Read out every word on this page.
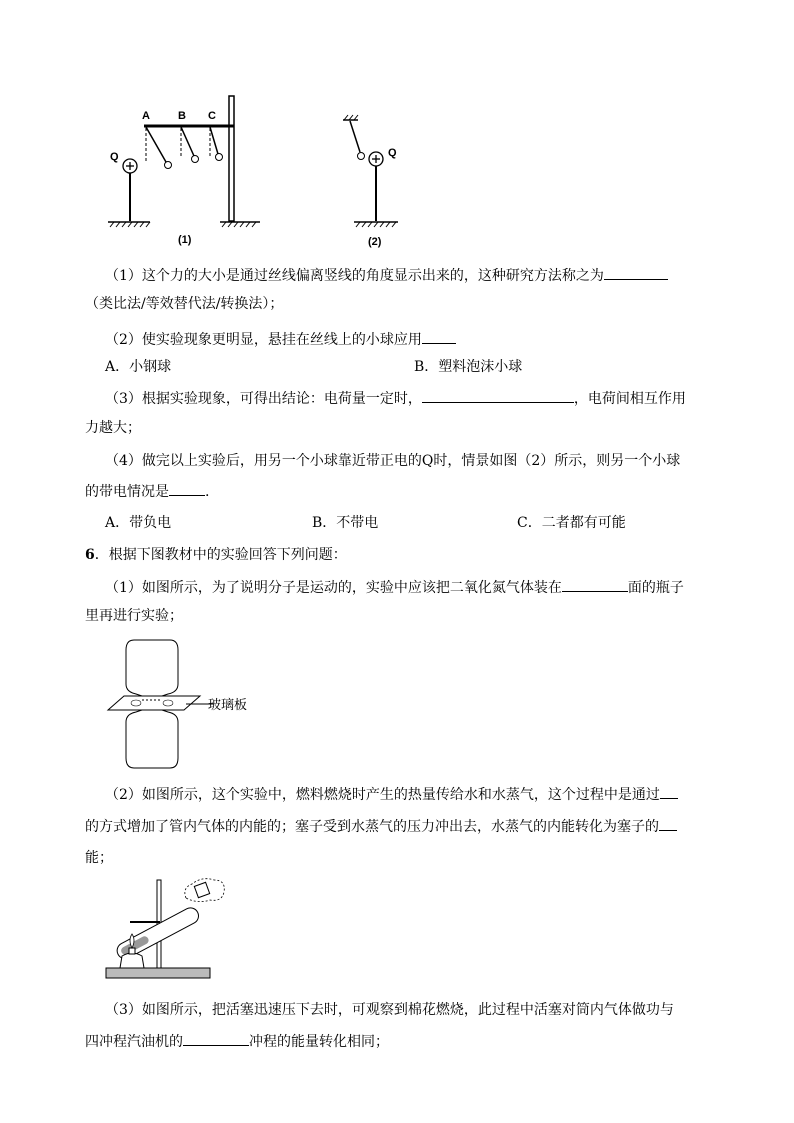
A	B C
Q
(1)
Q
(2)
（1）这个力的大小是通过丝线偏离竖线的角度显示出来的，这种研究方法称之为
（类比法/等效替代法/转换法）；
（2）使实验现象更明显，悬挂在丝线上的小球应用
A．小钢球	B．塑料泡沫小球
（3）根据实验现象，可得出结论：电荷量一定时，	，电荷间相互作用
力越大；
（4）做完以上实验后，用另一个小球靠近带正电的Q时，情景如图（2）所示，则另一个小球
的带电情况是	.
A．带负电	B．不带电	C．二者都有可能
6．根据下图教材中的实验回答下列问题：
（1）如图所示，为了说明分子是运动的，实验中应该把二氧化氮气体装在	面的瓶子
里再进行实验；
玻璃板
（2）如图所示，这个实验中，燃料燃烧时产生的热量传给水和水蒸气，这个过程中是通过
的方式增加了管内气体的内能的；塞子受到水蒸气的压力冲出去，水蒸气的内能转化为塞子的
能；
（3）如图所示，把活塞迅速压下去时，可观察到棉花燃烧，此过程中活塞对筒内气体做功与
四冲程汽油机的	冲程的能量转化相同；
